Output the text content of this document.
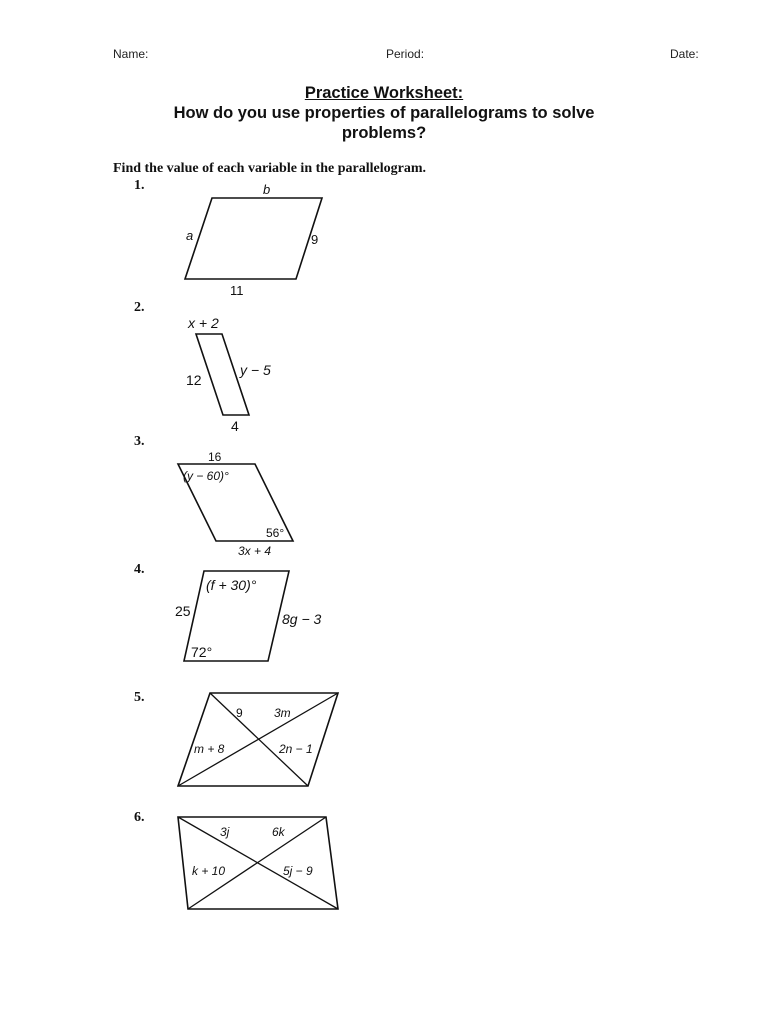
Name:	Period:	Date:
Practice Worksheet:
How do you use properties of parallelograms to solve
problems?
Find the value of each variable in the parallelogram.
1.
2.
3.
4.
5.
6.
b
a	9
11
x + 2
12
y − 5
4
16
(y − 60)°
56°
3x + 4
(f + 30)°
25	8g − 3
72°
9	3m
m + 8	2n − 1
3j	6k
k + 10	5j − 9
